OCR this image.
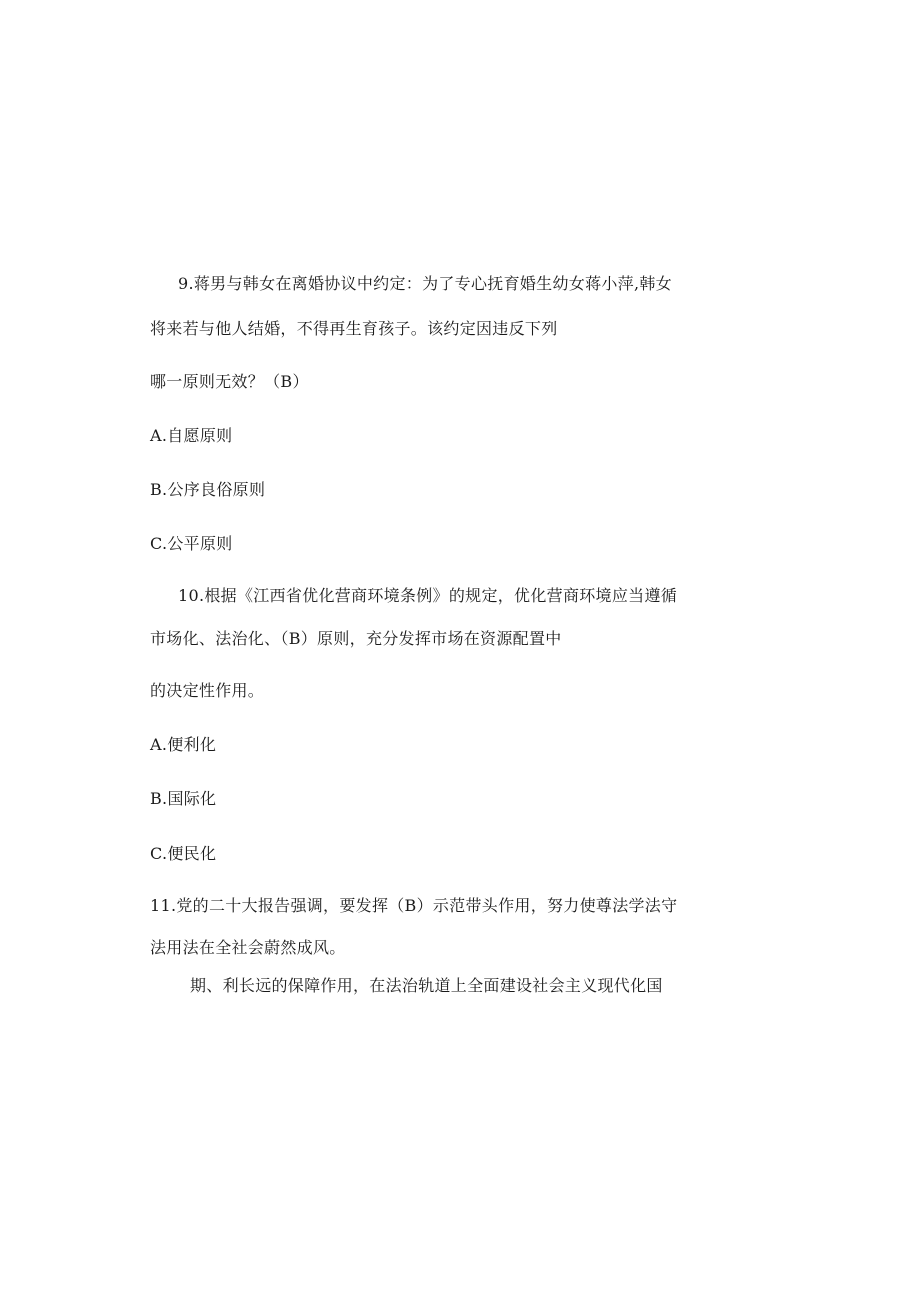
9.蒋男与韩女在离婚协议中约定：为了专心抚育婚生幼女蒋小萍,韩女
将来若与他人结婚，不得再生育孩子。该约定因违反下列
哪一原则无效？（B）
A.自愿原则
B.公序良俗原则
C.公平原则
10.根据《江西省优化营商环境条例》的规定，优化营商环境应当遵循
市场化、法治化、（B）原则，充分发挥市场在资源配置中
的决定性作用。
A.便利化
B.国际化
C.便民化
11.党的二十大报告强调，要发挥（B）示范带头作用，努力使尊法学法守
法用法在全社会蔚然成风。
期、利长远的保障作用，在法治轨道上全面建设社会主义现代化国
